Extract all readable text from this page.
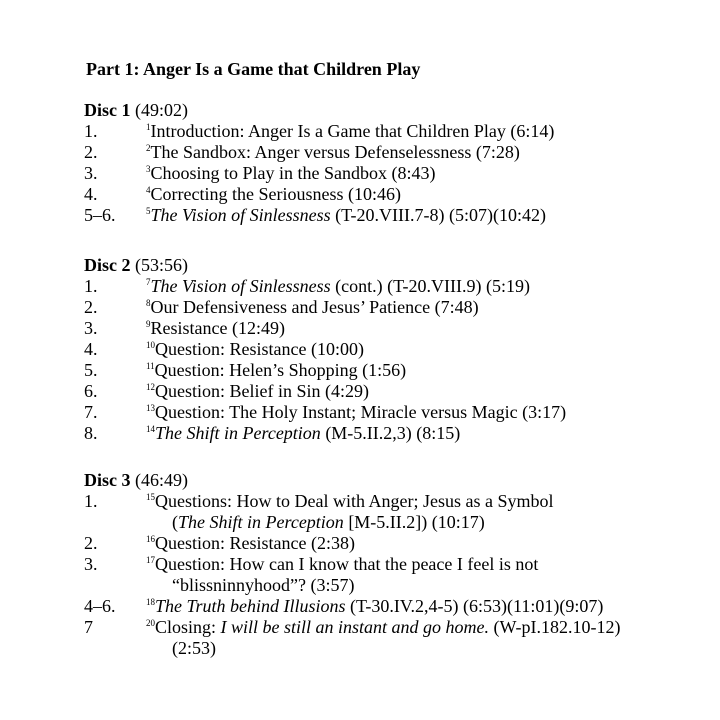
Part 1: Anger Is a Game that Children Play
Disc 1 (49:02)
1.	$^1$Introduction: Anger Is a Game that Children Play (6:14)
2.	$^2$The Sandbox: Anger versus Defenselessness (7:28)
3.	$^3$Choosing to Play in the Sandbox (8:43)
4.	$^4$Correcting the Seriousness (10:46)
5–6.	$^5$The Vision of Sinlessness (T-20.VIII.7-8) (5:07)(10:42)
Disc 2 (53:56)
1.	$^7$The Vision of Sinlessness (cont.) (T-20.VIII.9) (5:19)
2.	$^8$Our Defensiveness and Jesus’ Patience (7:48)
3.	$^9$Resistance (12:49)
4.	$^{10}$Question: Resistance (10:00)
5.	$^{11}$Question: Helen’s Shopping (1:56)
6.	$^{12}$Question: Belief in Sin (4:29)
7.	$^{13}$Question: The Holy Instant; Miracle versus Magic (3:17)
8.	$^{14}$The Shift in Perception (M-5.II.2,3) (8:15)
Disc 3 (46:49)
1.	$^{15}$Questions: How to Deal with Anger; Jesus as a Symbol
(The Shift in Perception [M-5.II.2]) (10:17)
2.	$^{16}$Question: Resistance (2:38)
3.	$^{17}$Question: How can I know that the peace I feel is not
“blissninnyhood”? (3:57)
4–6.	$^{18}$The Truth behind Illusions (T-30.IV.2,4-5) (6:53)(11:01)(9:07)
7	$^{20}$Closing: I will be still an instant and go home. (W-pI.182.10-12)
(2:53)
